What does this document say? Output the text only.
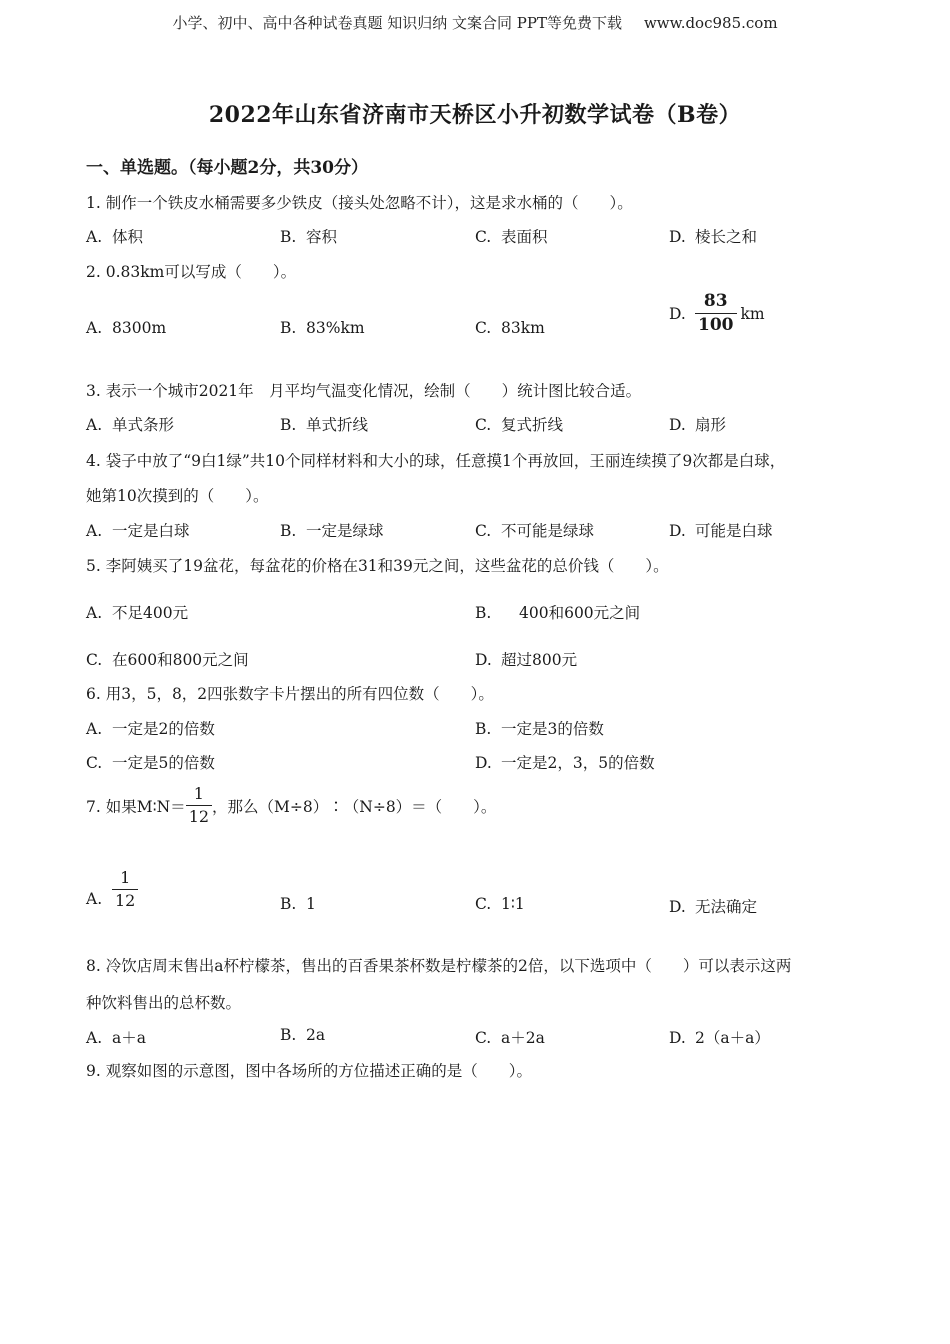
小学、初中、高中各种试卷真题 知识归纳 文案合同 PPT等免费下载 www.doc985.com
2022年山东省济南市天桥区小升初数学试卷（B卷）
一、单选题。（每小题2分，共30分）
1. 制作一个铁皮水桶需要多少铁皮（接头处忽略不计），这是求水桶的（　　）。
A. 体积	B. 容积	C. 表面积	D. 棱长之和
2. 0.83km可以写成（　　）。
A. 8300m	B. 83%km	C. 83km
D. $\frac{83}{100}$ km
3. 表示一个城市2021年　月平均气温变化情况，绘制（　　）统计图比较合适。
A. 单式条形	B. 单式折线	C. 复式折线	D. 扇形
4. 袋子中放了“9白1绿”共10个同样材料和大小的球，任意摸1个再放回，王丽连续摸了9次都是白球，
她第10次摸到的（　　）。
A. 一定是白球	B. 一定是绿球	C. 不可能是绿球	D. 可能是白球
5. 李阿姨买了19盆花，每盆花的价格在31和39元之间，这些盆花的总价钱（　　）。
A. 不足400元	B. 400和600元之间
C. 在600和800元之间	D. 超过800元
6. 用3，5，8，2四张数字卡片摆出的所有四位数（　　）。
A. 一定是2的倍数	B. 一定是3的倍数
C. 一定是5的倍数	D. 一定是2，3，5的倍数
7. 如果M∶N＝ $\frac{1}{12}$ ，那么（M÷8）∶（N÷8）＝（　　）。
A. $\frac{1}{12}$	B. 1	C. 1∶1	D. 无法确定
8. 冷饮店周末售出a杯柠檬茶，售出的百香果茶杯数是柠檬茶的2倍，以下选项中（　　）可以表示这两
种饮料售出的总杯数。
A. a＋a	B. 2a	C. a＋2a	D. 2（a＋a）
9. 观察如图的示意图，图中各场所的方位描述正确的是（　　）。
